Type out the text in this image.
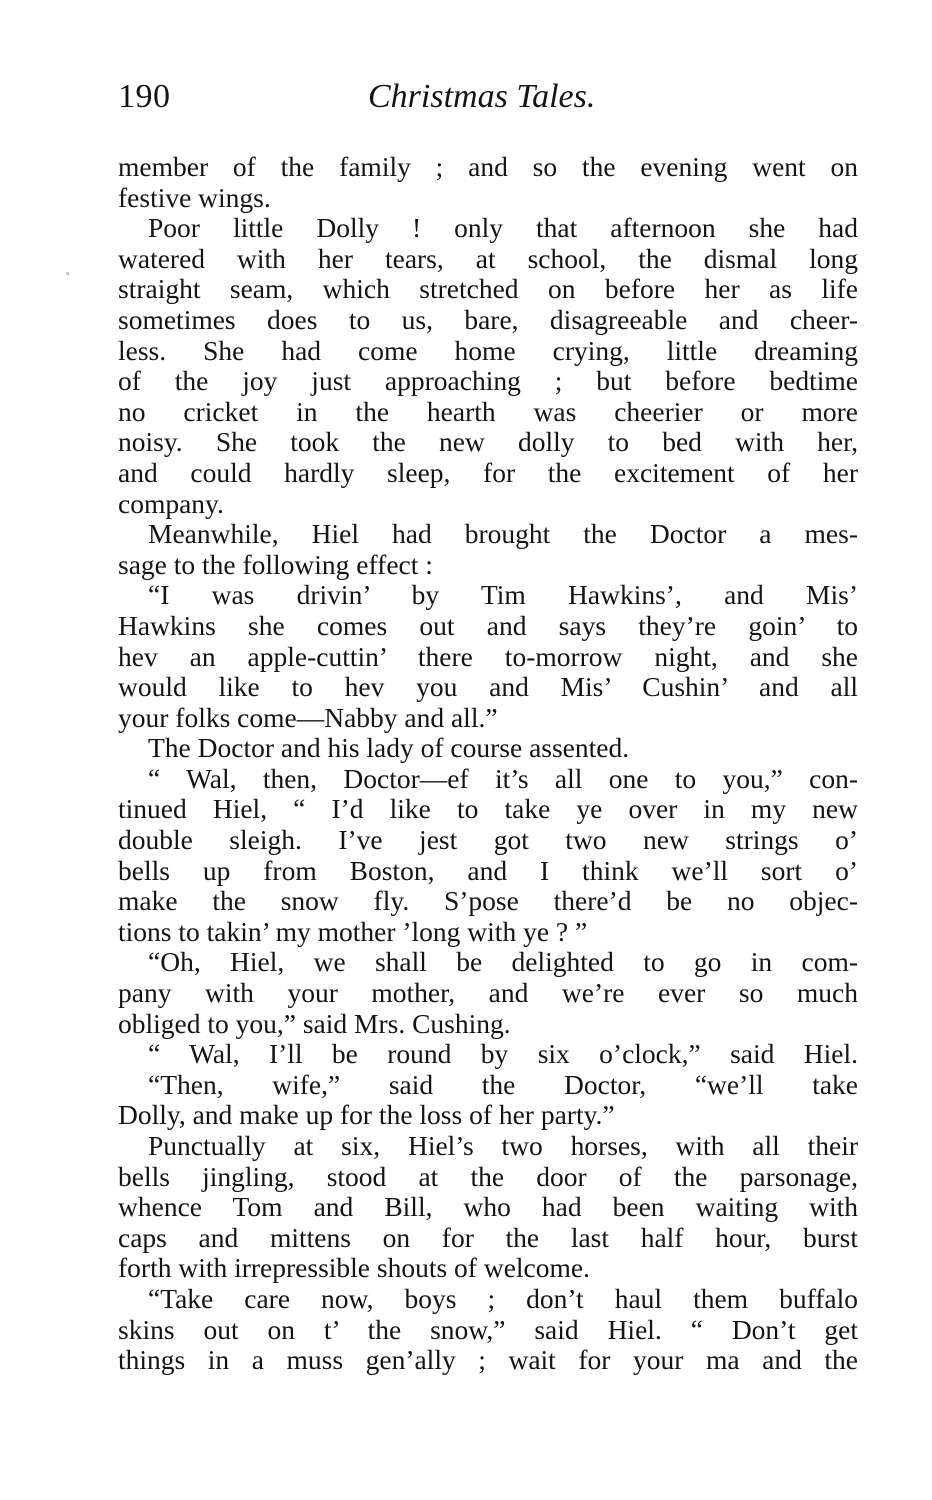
190	Christmas Tales.
member of the family ; and so the evening went on
festive wings.
Poor little Dolly ! only that afternoon she had
watered with her tears, at school, the dismal long
straight seam, which stretched on before her as life
sometimes does to us, bare, disagreeable and cheer-
less. She had come home crying, little dreaming
of the joy just approaching ; but before bedtime
no cricket in the hearth was cheerier or more
noisy. She took the new dolly to bed with her,
and could hardly sleep, for the excitement of her
company.
Meanwhile, Hiel had brought the Doctor a mes-
sage to the following effect :
“I was drivin’ by Tim Hawkins’, and Mis’
Hawkins she comes out and says they’re goin’ to
hev an apple-cuttin’ there to-morrow night, and she
would like to hev you and Mis’ Cushin’ and all
your folks come—Nabby and all.”
The Doctor and his lady of course assented.
“ Wal, then, Doctor—ef it’s all one to you,” con-
tinued Hiel, “ I’d like to take ye over in my new
double sleigh. I’ve jest got two new strings o’
bells up from Boston, and I think we’ll sort o’
make the snow fly. S’pose there’d be no objec-
tions to takin’ my mother ’long with ye ? ”
“Oh, Hiel, we shall be delighted to go in com-
pany with your mother, and we’re ever so much
obliged to you,” said Mrs. Cushing.
“ Wal, I’ll be round by six o’clock,” said Hiel.
“Then, wife,” said the Doctor, “we’ll take
Dolly, and make up for the loss of her party.”
Punctually at six, Hiel’s two horses, with all their
bells jingling, stood at the door of the parsonage,
whence Tom and Bill, who had been waiting with
caps and mittens on for the last half hour, burst
forth with irrepressible shouts of welcome.
“Take care now, boys ; don’t haul them buffalo
skins out on t’ the snow,” said Hiel. “ Don’t get
things in a muss gen’ally ; wait for your ma and the
